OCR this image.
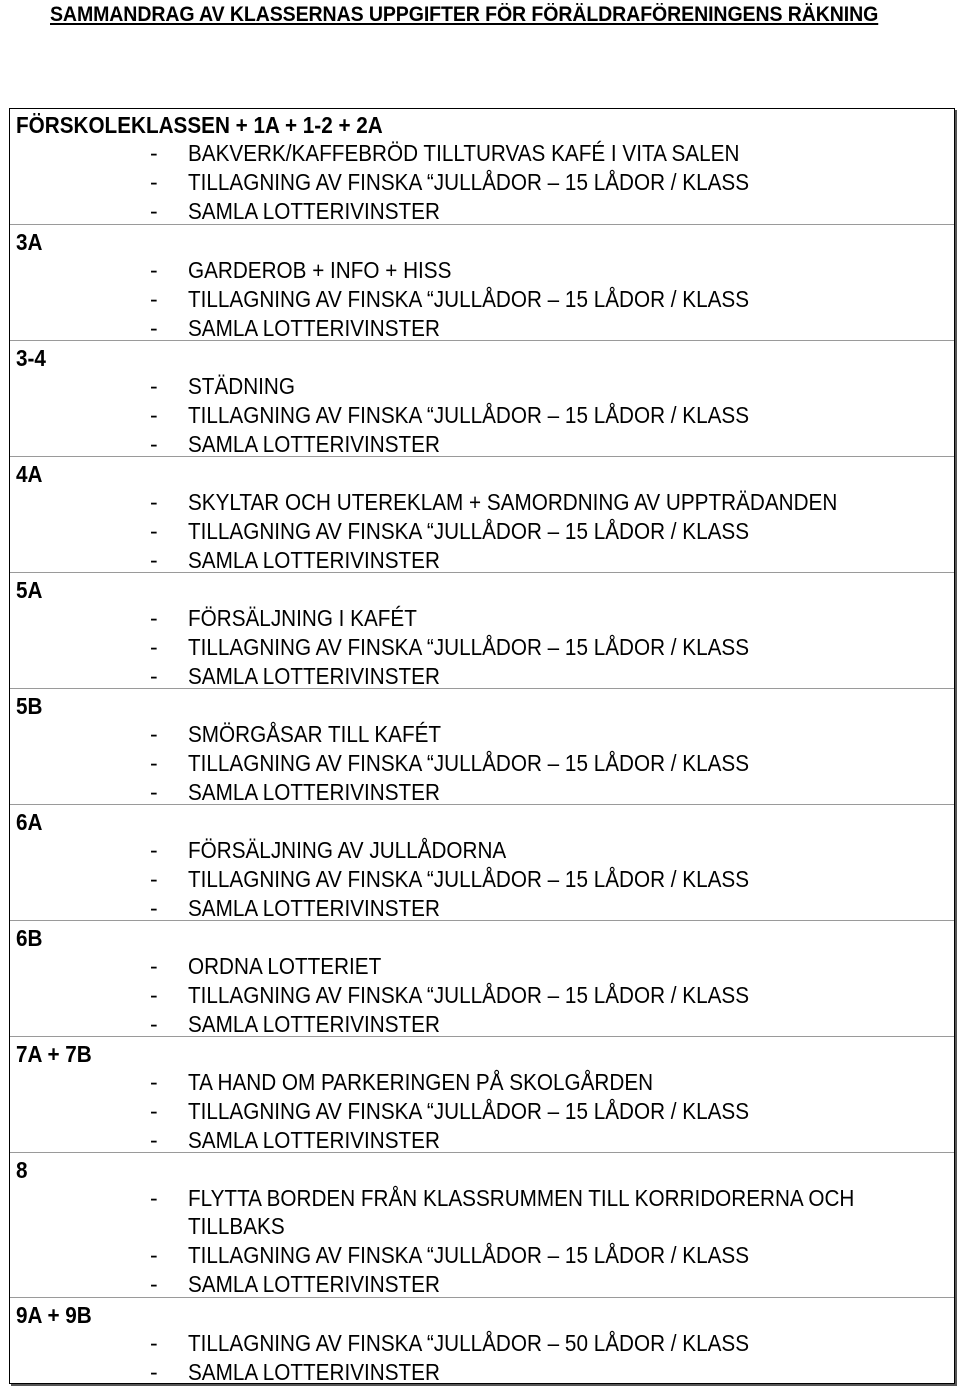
SAMMANDRAG AV KLASSERNAS UPPGIFTER FÖR FÖRÄLDRAFÖRENINGENS RÄKNING
FÖRSKOLEKLASSEN + 1A + 1-2 + 2A
- BAKVERK/KAFFEBRÖD TILLTURVAS KAFÉ I VITA SALEN
- TILLAGNING AV FINSKA “JULLÅDOR – 15 LÅDOR / KLASS
- SAMLA LOTTERIVINSTER
3A
- GARDEROB + INFO + HISS
- TILLAGNING AV FINSKA “JULLÅDOR – 15 LÅDOR / KLASS
- SAMLA LOTTERIVINSTER
3-4
- STÄDNING
- TILLAGNING AV FINSKA “JULLÅDOR – 15 LÅDOR / KLASS
- SAMLA LOTTERIVINSTER
4A
- SKYLTAR OCH UTEREKLAM + SAMORDNING AV UPPTRÄDANDEN
- TILLAGNING AV FINSKA “JULLÅDOR – 15 LÅDOR / KLASS
- SAMLA LOTTERIVINSTER
5A
- FÖRSÄLJNING I KAFÉT
- TILLAGNING AV FINSKA “JULLÅDOR – 15 LÅDOR / KLASS
- SAMLA LOTTERIVINSTER
5B
- SMÖRGÅSAR TILL KAFÉT
- TILLAGNING AV FINSKA “JULLÅDOR – 15 LÅDOR / KLASS
- SAMLA LOTTERIVINSTER
6A
- FÖRSÄLJNING AV JULLÅDORNA
- TILLAGNING AV FINSKA “JULLÅDOR – 15 LÅDOR / KLASS
- SAMLA LOTTERIVINSTER
6B
- ORDNA LOTTERIET
- TILLAGNING AV FINSKA “JULLÅDOR – 15 LÅDOR / KLASS
- SAMLA LOTTERIVINSTER
7A + 7B
- TA HAND OM PARKERINGEN PÅ SKOLGÅRDEN
- TILLAGNING AV FINSKA “JULLÅDOR – 15 LÅDOR / KLASS
- SAMLA LOTTERIVINSTER
8
- FLYTTA BORDEN FRÅN KLASSRUMMEN TILL KORRIDORERNA OCH
TILLBAKS
- TILLAGNING AV FINSKA “JULLÅDOR – 15 LÅDOR / KLASS
- SAMLA LOTTERIVINSTER
9A + 9B
- TILLAGNING AV FINSKA “JULLÅDOR – 50 LÅDOR / KLASS
- SAMLA LOTTERIVINSTER
